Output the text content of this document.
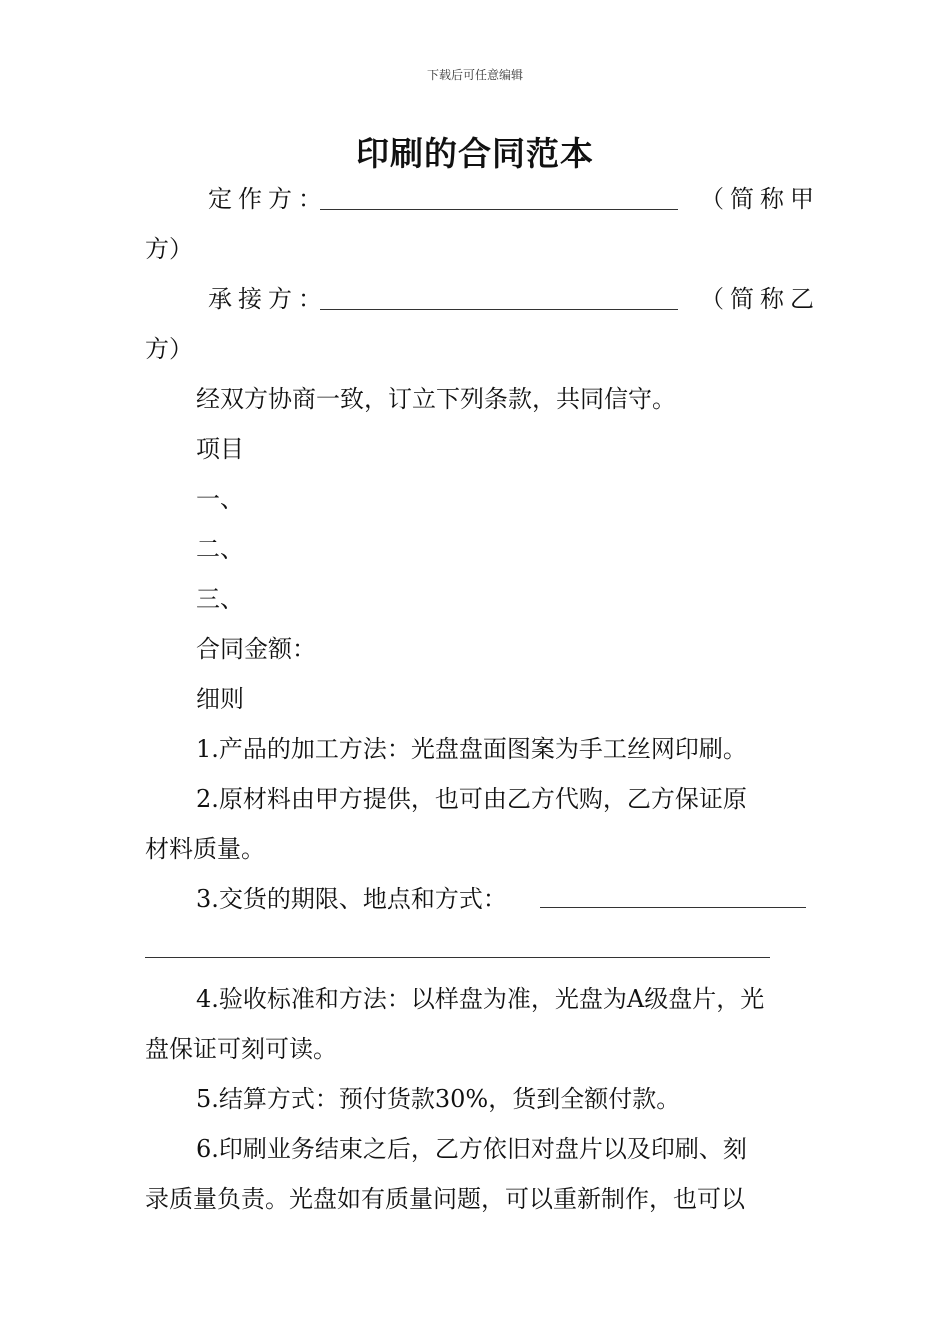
下载后可任意编辑
印刷的合同范本
定作方：	（简称甲
方）
承接方：	（简称乙
方）
经双方协商一致，订立下列条款，共同信守。
项目
一、
二、
三、
合同金额：
细则
1.产品的加工方法：光盘盘面图案为手工丝网印刷。
2.原材料由甲方提供，也可由乙方代购，乙方保证原
材料质量。
3.交货的期限、地点和方式：
4.验收标准和方法：以样盘为准，光盘为A级盘片，光
盘保证可刻可读。
5.结算方式：预付货款30%，货到全额付款。
6.印刷业务结束之后，乙方依旧对盘片以及印刷、刻
录质量负责。光盘如有质量问题，可以重新制作，也可以
